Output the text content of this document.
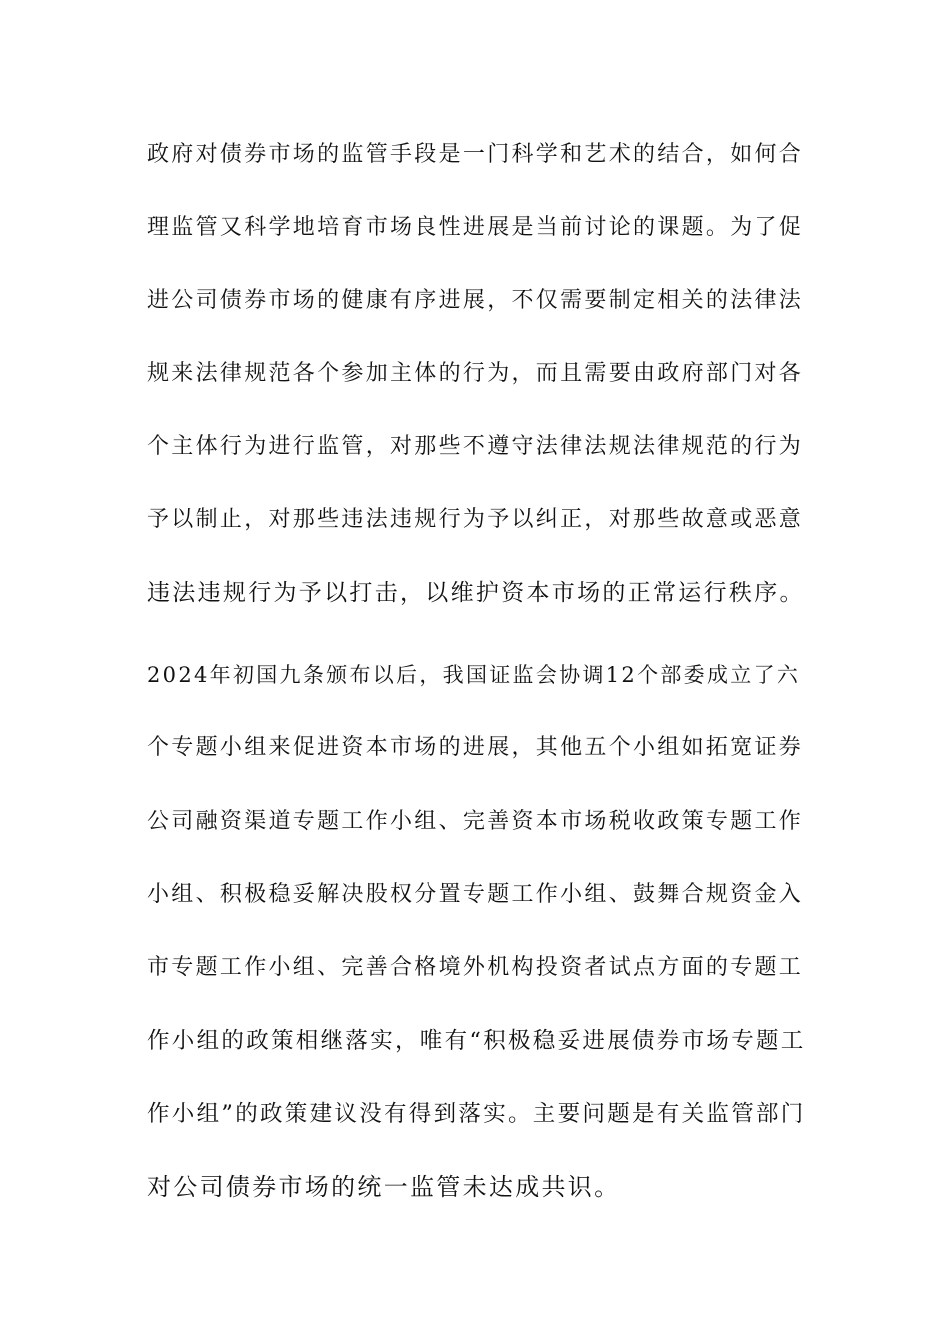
政府对债券市场的监管手段是一门科学和艺术的结合，如何合
理监管又科学地培育市场良性进展是当前讨论的课题。为了促
进公司债券市场的健康有序进展，不仅需要制定相关的法律法
规来法律规范各个参加主体的行为，而且需要由政府部门对各
个主体行为进行监管，对那些不遵守法律法规法律规范的行为
予以制止，对那些违法违规行为予以纠正，对那些故意或恶意
违法违规行为予以打击，以维护资本市场的正常运行秩序。
2024年初国九条颁布以后，我国证监会协调12个部委成立了六
个专题小组来促进资本市场的进展，其他五个小组如拓宽证券
公司融资渠道专题工作小组、完善资本市场税收政策专题工作
小组、积极稳妥解决股权分置专题工作小组、鼓舞合规资金入
市专题工作小组、完善合格境外机构投资者试点方面的专题工
作小组的政策相继落实，唯有“积极稳妥进展债券市场专题工
作小组”的政策建议没有得到落实。主要问题是有关监管部门
对公司债券市场的统一监管未达成共识。
